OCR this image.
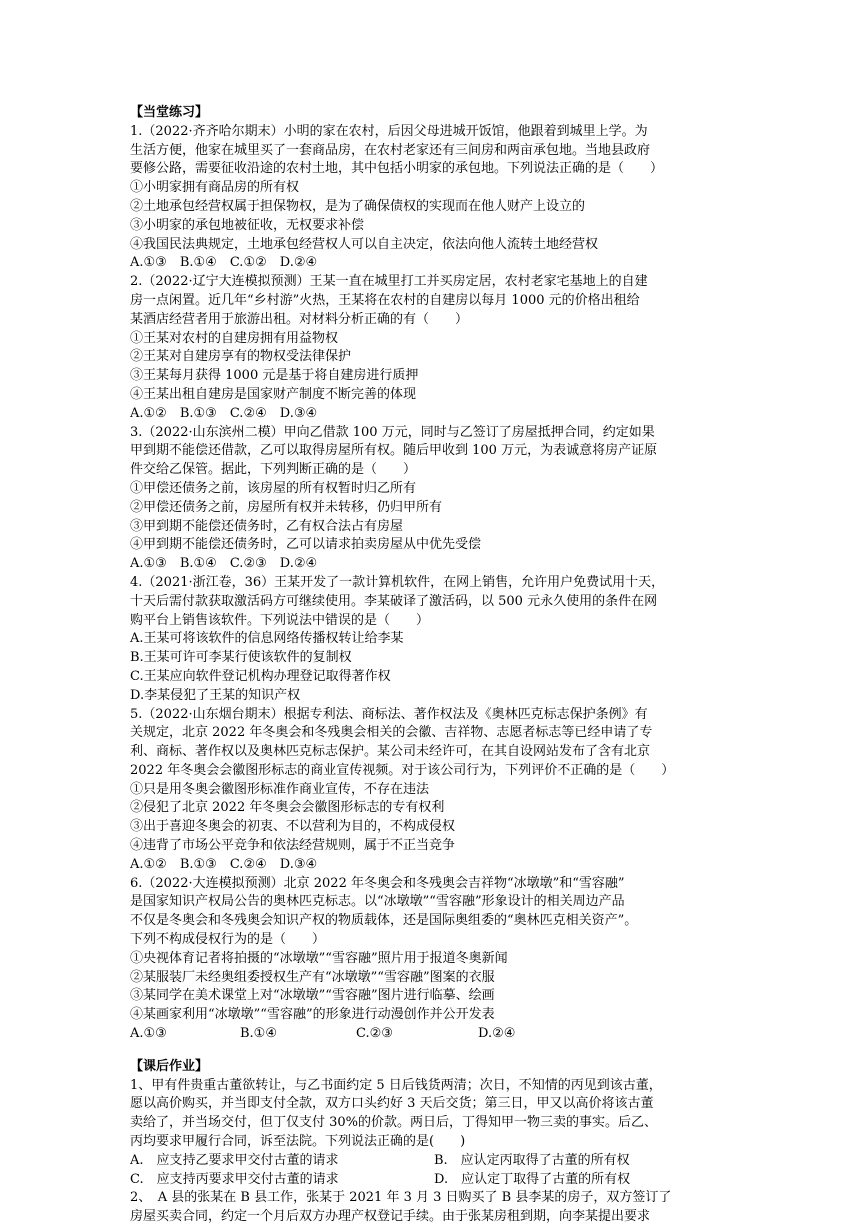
【当堂练习】
1.（2022·齐齐哈尔期末）小明的家在农村，后因父母进城开饭馆，他跟着到城里上学。为
生活方便，他家在城里买了一套商品房，在农村老家还有三间房和两亩承包地。当地县政府
要修公路，需要征收沿途的农村土地，其中包括小明家的承包地。下列说法正确的是（　　）
①小明家拥有商品房的所有权
②土地承包经营权属于担保物权，是为了确保债权的实现而在他人财产上设立的
③小明家的承包地被征收，无权要求补偿
④我国民法典规定，土地承包经营权人可以自主决定，依法向他人流转土地经营权
A.①③　B.①④　C.①②　D.②④
2.（2022·辽宁大连模拟预测）王某一直在城里打工并买房定居，农村老家宅基地上的自建
房一点闲置。近几年“乡村游”火热，王某将在农村的自建房以每月 1000 元的价格出租给
某酒店经营者用于旅游出租。对材料分析正确的有（　　）
①王某对农村的自建房拥有用益物权
②王某对自建房享有的物权受法律保护
③王某每月获得 1000 元是基于将自建房进行质押
④王某出租自建房是国家财产制度不断完善的体现
A.①②　B.①③　C.②④　D.③④
3.（2022·山东滨州二模）甲向乙借款 100 万元，同时与乙签订了房屋抵押合同，约定如果
甲到期不能偿还借款，乙可以取得房屋所有权。随后甲收到 100 万元，为表诚意将房产证原
件交给乙保管。据此，下列判断正确的是（　　）
①甲偿还债务之前，该房屋的所有权暂时归乙所有
②甲偿还债务之前，房屋所有权并未转移，仍归甲所有
③甲到期不能偿还债务时，乙有权合法占有房屋
④甲到期不能偿还债务时，乙可以请求拍卖房屋从中优先受偿
A.①③　B.①④　C.②③　D.②④
4.（2021·浙江卷，36）王某开发了一款计算机软件，在网上销售，允许用户免费试用十天，
十天后需付款获取激活码方可继续使用。李某破译了激活码，以 500 元永久使用的条件在网
购平台上销售该软件。下列说法中错误的是（　　）
A.王某可将该软件的信息网络传播权转让给李某
B.王某可许可李某行使该软件的复制权
C.王某应向软件登记机构办理登记取得著作权
D.李某侵犯了王某的知识产权
5.（2022·山东烟台期末）根据专利法、商标法、著作权法及《奥林匹克标志保护条例》有
关规定，北京 2022 年冬奥会和冬残奥会相关的会徽、吉祥物、志愿者标志等已经申请了专
利、商标、著作权以及奥林匹克标志保护。某公司未经许可，在其自设网站发布了含有北京
2022 年冬奥会会徽图形标志的商业宣传视频。对于该公司行为，下列评价不正确的是（　　）
①只是用冬奥会徽图形标准作商业宣传，不存在违法
②侵犯了北京 2022 年冬奥会会徽图形标志的专有权利
③出于喜迎冬奥会的初衷、不以营利为目的，不构成侵权
④违背了市场公平竞争和依法经营规则，属于不正当竞争
A.①②　B.①③　C.②④　D.③④
6.（2022·大连模拟预测）北京 2022 年冬奥会和冬残奥会吉祥物“冰墩墩”和“雪容融”
是国家知识产权局公告的奥林匹克标志。以“冰墩墩”“雪容融”形象设计的相关周边产品
不仅是冬奥会和冬残奥会知识产权的物质载体，还是国际奥组委的“奥林匹克相关资产”。
下列不构成侵权行为的是（　　）
①央视体育记者将拍摄的“冰墩墩”“雪容融”照片用于报道冬奥新闻
②某服装厂未经奥组委授权生产有“冰墩墩”“雪容融”图案的衣服
③某同学在美术课堂上对“冰墩墩”“雪容融”图片进行临摹、绘画
④某画家利用“冰墩墩”“雪容融”的形象进行动漫创作并公开发表
A.①③	B.①④	C.②③	D.②④
【课后作业】
1、甲有件贵重古董欲转让，与乙书面约定 5 日后钱货两清；次日，不知情的丙见到该古董，
愿以高价购买，并当即支付全款，双方口头约好 3 天后交货；第三日，甲又以高价将该古董
卖给了，并当场交付，但丁仅支付 30%的价款。两日后，丁得知甲一物三卖的事实。后乙、
丙均要求甲履行合同，诉至法院。下列说法正确的是(　　)
A.　应支持乙要求甲交付古董的请求	B.　应认定丙取得了古董的所有权
C.　应支持丙要求甲交付古董的请求	D.　应认定丁取得了古董的所有权
2、　A 县的张某在 B 县工作，张某于 2021 年 3 月 3 日购买了 B 县李某的房子，双方签订了
房屋买卖合同，约定一个月后双方办理产权登记手续。由于张某房租到期，向李某提出要求
